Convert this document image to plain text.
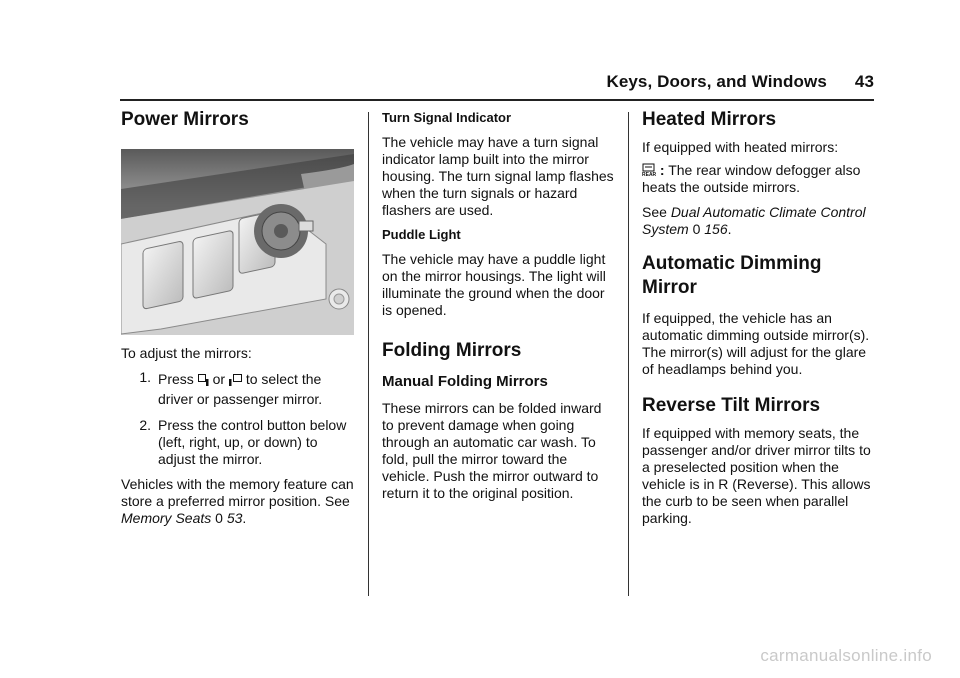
Keys, Doors, and Windows 43
Power Mirrors

To adjust the mirrors:

1. Press or to select the driver or passenger mirror.
2. Press the control button below (left, right, up, or down) to adjust the mirror.

Vehicles with the memory feature can store a preferred mirror position. See Memory Seats 0 53.

Turn Signal Indicator

The vehicle may have a turn signal indicator lamp built into the mirror housing. The turn signal lamp flashes when the turn signals or hazard flashers are used.

Puddle Light

The vehicle may have a puddle light on the mirror housings. The light will illuminate the ground when the door is opened.

Folding Mirrors
Manual Folding Mirrors

These mirrors can be folded inward to prevent damage when going through an automatic car wash. To fold, pull the mirror toward the vehicle. Push the mirror outward to return it to the original position.

Heated Mirrors

If equipped with heated mirrors:

REAR : The rear window defogger also heats the outside mirrors.

See Dual Automatic Climate Control System 0 156.

Automatic Dimming Mirror

If equipped, the vehicle has an automatic dimming outside mirror(s). The mirror(s) will adjust for the glare of headlamps behind you.

Reverse Tilt Mirrors

If equipped with memory seats, the passenger and/or driver mirror tilts to a preselected position when the vehicle is in R (Reverse). This allows the curb to be seen when parallel parking.

carmanualsonline.info
